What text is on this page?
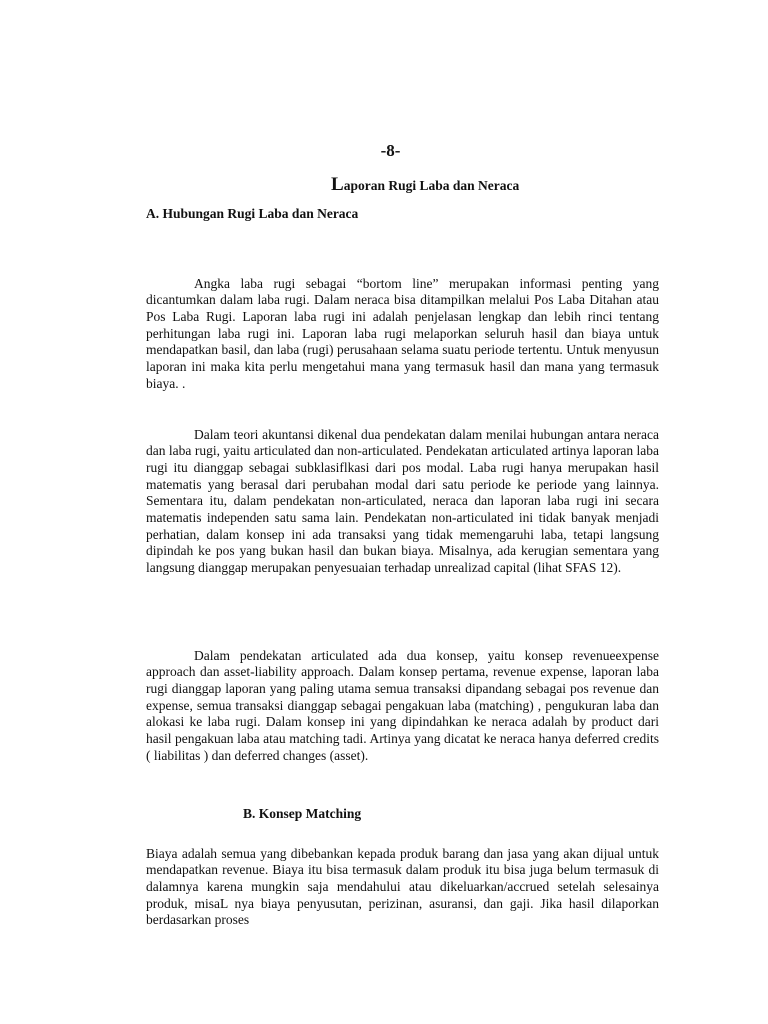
-8-
Laporan Rugi Laba dan Neraca
A. Hubungan Rugi Laba dan Neraca

Angka laba rugi sebagai “bortom line” merupakan informasi penting yang dicantumkan dalam laba rugi. Dalam neraca bisa ditampilkan melalui Pos Laba Ditahan atau Pos Laba Rugi. Laporan laba rugi ini adalah penjelasan lengkap dan lebih rinci tentang perhitungan laba rugi ini. Laporan laba rugi melaporkan seluruh hasil dan biaya untuk mendapatkan basil, dan laba (rugi) perusahaan selama suatu periode tertentu. Untuk menyusun laporan ini maka kita perlu mengetahui mana yang termasuk hasil dan mana yang termasuk biaya. .

Dalam teori akuntansi dikenal dua pendekatan dalam menilai hubungan antara neraca dan laba rugi, yaitu articulated dan non-articulated. Pendekatan articulated artinya laporan laba rugi itu dianggap sebagai subklasiflkasi dari pos modal. Laba rugi hanya merupakan hasil matematis yang berasal dari perubahan modal dari satu periode ke periode yang lainnya. Sementara itu, dalam pendekatan non-articulated, neraca dan laporan laba rugi ini secara matematis independen satu sama lain. Pendekatan non-articulated ini tidak banyak menjadi perhatian, dalam konsep ini ada transaksi yang tidak memengaruhi laba, tetapi langsung dipindah ke pos yang bukan hasil dan bukan biaya. Misalnya, ada kerugian sementara yang langsung dianggap merupakan penyesuaian terhadap unrealizad capital (lihat SFAS 12).

Dalam pendekatan articulated ada dua konsep, yaitu konsep revenueexpense approach dan asset-liability approach. Dalam konsep pertama, revenue expense, laporan laba rugi dianggap laporan yang paling utama semua transaksi dipandang sebagai pos revenue dan expense, semua transaksi dianggap sebagai pengakuan laba (matching) , pengukuran laba dan alokasi ke laba rugi. Dalam konsep ini yang dipindahkan ke neraca adalah by product dari hasil pengakuan laba atau matching tadi. Artinya yang dicatat ke neraca hanya deferred credits ( liabilitas ) dan deferred changes (asset).

B. Konsep Matching

Biaya adalah semua yang dibebankan kepada produk barang dan jasa yang akan dijual untuk mendapatkan revenue. Biaya itu bisa termasuk dalam produk itu bisa juga belum termasuk di dalamnya karena mungkin saja mendahului atau dikeluarkan/accrued setelah selesainya produk, misaL nya biaya penyusutan, perizinan, asuransi, dan gaji. Jika hasil dilaporkan berdasarkan proses
